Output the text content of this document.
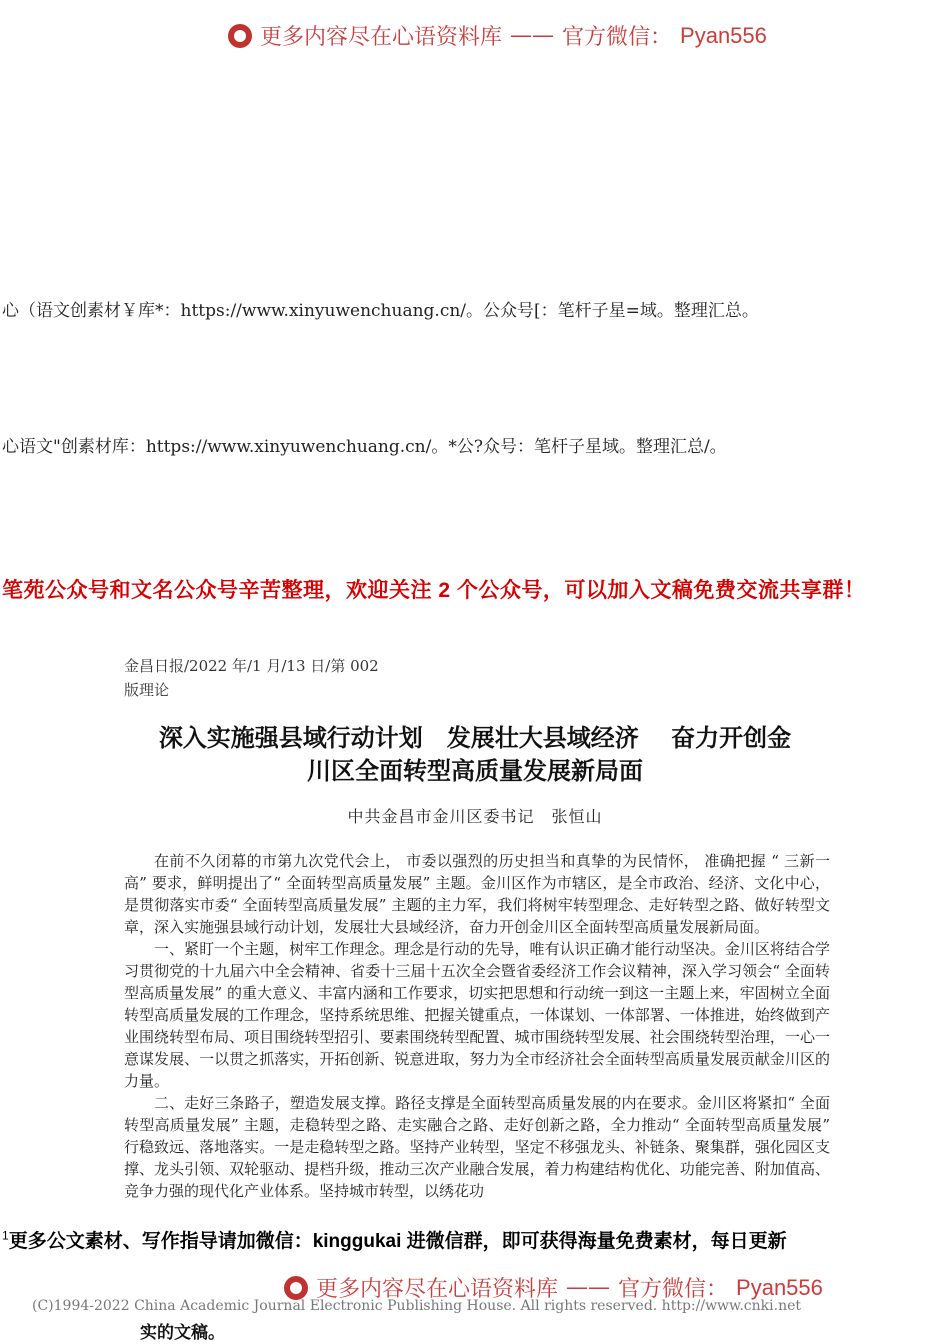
更多内容尽在心语资料库 —— 官方微信： Pyan556
心（语文创素材￥库*：https://www.xinyuwenchuang.cn/。公众号[：笔杆子星=域。整理汇总。
心语文"创素材库：https://www.xinyuwenchuang.cn/。*公?众号：笔杆子星域。整理汇总/。
笔苑公众号和文名公众号辛苦整理，欢迎关注 2 个公众号，可以加入文稿免费交流共享群！
金昌日报/2022 年/1 月/13 日/第 002
版理论
深入实施强县域行动计划　发展壮大县域经济　 奋力开创金
川区全面转型高质量发展新局面
中共金昌市金川区委书记　张恒山

在前不久闭幕的市第九次党代会上， 市委以强烈的历史担当和真挚的为民情怀， 准确把握 “ 三新一高” 要求，鲜明提出了“ 全面转型高质量发展” 主题。金川区作为市辖区，是全市政治、经济、文化中心，是贯彻落实市委“ 全面转型高质量发展” 主题的主力军，我们将树牢转型理念、走好转型之路、做好转型文章，深入实施强县域行动计划，发展壮大县域经济，奋力开创金川区全面转型高质量发展新局面。

一、紧盯一个主题，树牢工作理念。理念是行动的先导，唯有认识正确才能行动坚决。金川区将结合学习贯彻党的十九届六中全会精神、省委十三届十五次全会暨省委经济工作会议精神，深入学习领会“ 全面转型高质量发展” 的重大意义、丰富内涵和工作要求，切实把思想和行动统一到这一主题上来，牢固树立全面转型高质量发展的工作理念，坚持系统思维、把握关键重点，一体谋划、一体部署、一体推进，始终做到产业围绕转型布局、项目围绕转型招引、要素围绕转型配置、城市围绕转型发展、社会围绕转型治理，一心一意谋发展、一以贯之抓落实，开拓创新、锐意进取，努力为全市经济社会全面转型高质量发展贡献金川区的力量。

二、走好三条路子，塑造发展支撑。路径支撑是全面转型高质量发展的内在要求。金川区将紧扣“ 全面转型高质量发展” 主题，走稳转型之路、走实融合之路、走好创新之路，全力推动“ 全面转型高质量发展” 行稳致远、落地落实。一是走稳转型之路。坚持产业转型，坚定不移强龙头、补链条、聚集群，强化园区支撑、龙头引领、双轮驱动、提档升级，推动三次产业融合发展，着力构建结构优化、功能完善、附加值高、竞争力强的现代化产业体系。坚持城市转型，以绣花功

$^1$更多公文素材、写作指导请加微信：kinggukai 进微信群，即可获得海量免费素材，每日更新
更多内容尽在心语资料库 —— 官方微信： Pyan556
(C)1994-2022 China Academic Journal Electronic Publishing House. All rights reserved. http://www.cnki.net
实的文稿。
